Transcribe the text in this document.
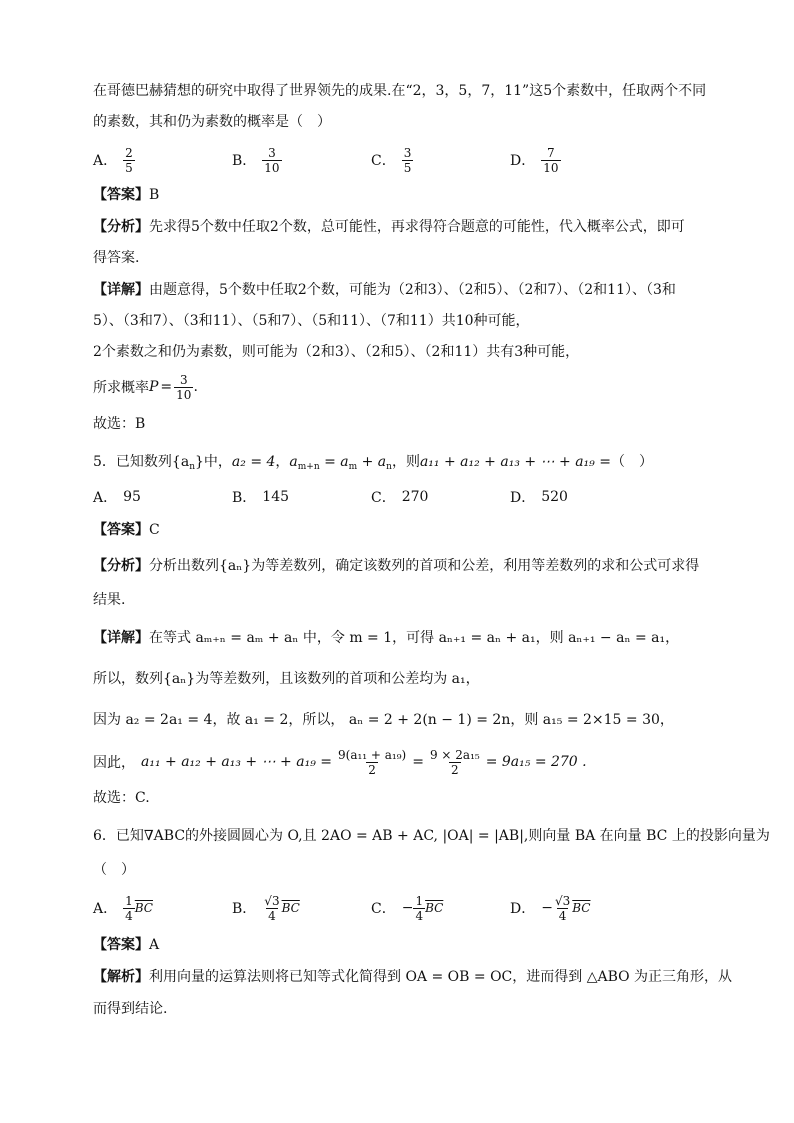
在哥德巴赫猜想的研究中取得了世界领先的成果.在“2，3，5，7，11”这5个素数中，任取两个不同
的素数，其和仍为素数的概率是（　）
A． $\frac{2}{5}$	B． $\frac{3}{10}$	C． $\frac{3}{5}$	D． $\frac{7}{10}$
【答案】B
【分析】先求得5个数中任取2个数，总可能性，再求得符合题意的可能性，代入概率公式，即可
得答案.
【详解】由题意得，5个数中任取2个数，可能为（2和3）、（2和5）、（2和7）、（2和11）、（3和
5）、（3和7）、（3和11）、（5和7）、（5和11）、（7和11）共10种可能，
2个素数之和仍为素数，则可能为（2和3）、（2和5）、（2和11）共有3种可能，
所求概率 $P = \frac{3}{10}$ .
故选：B
5．已知数列$\{a_n\}$中，a₂ = 4，$a_{m+n} = a_m + a_n$，则a₁₁ + a₁₂ + a₁₃ + ⋯ + a₁₉ =（　）
A． 95	B． 145	C． 270	D． 520
【答案】C
【分析】分析出数列{aₙ}为等差数列，确定该数列的首项和公差，利用等差数列的求和公式可求得
结果.
【详解】在等式 aₘ₊ₙ = aₘ + aₙ 中，令 m = 1，可得 aₙ₊₁ = aₙ + a₁，则 aₙ₊₁ − aₙ = a₁，
所以，数列{aₙ}为等差数列，且该数列的首项和公差均为 a₁，
因为 a₂ = 2a₁ = 4，故 a₁ = 2，所以， aₙ = 2 + 2(n − 1) = 2n，则 a₁₅ = 2×15 = 30，
因此， a₁₁ + a₁₂ + a₁₃ + ⋯ + $a_{19} = \frac{\text{9(a₁₁ + a₁₉)}}{2} = \frac{\text{9 × 2a₁₅}}{2} = 9a_{15} = 270$ .
故选：C.
6．已知∇ABC的外接圆圆心为 O,且 2AO = AB + AC, |OA| = |AB|,则向量 BA 在向量 BC 上的投影向量为
（　）
A． $\frac{1}{4} \overline{BC}$	B． $\frac{√3}{4} \overline{BC}$	C． − $\frac{1}{4} \overline{BC}$	D． − $\frac{√3}{4} \overline{BC}$
【答案】A
【解析】利用向量的运算法则将已知等式化简得到 OA = OB = OC，进而得到 △ABO 为正三角形，从
而得到结论.
